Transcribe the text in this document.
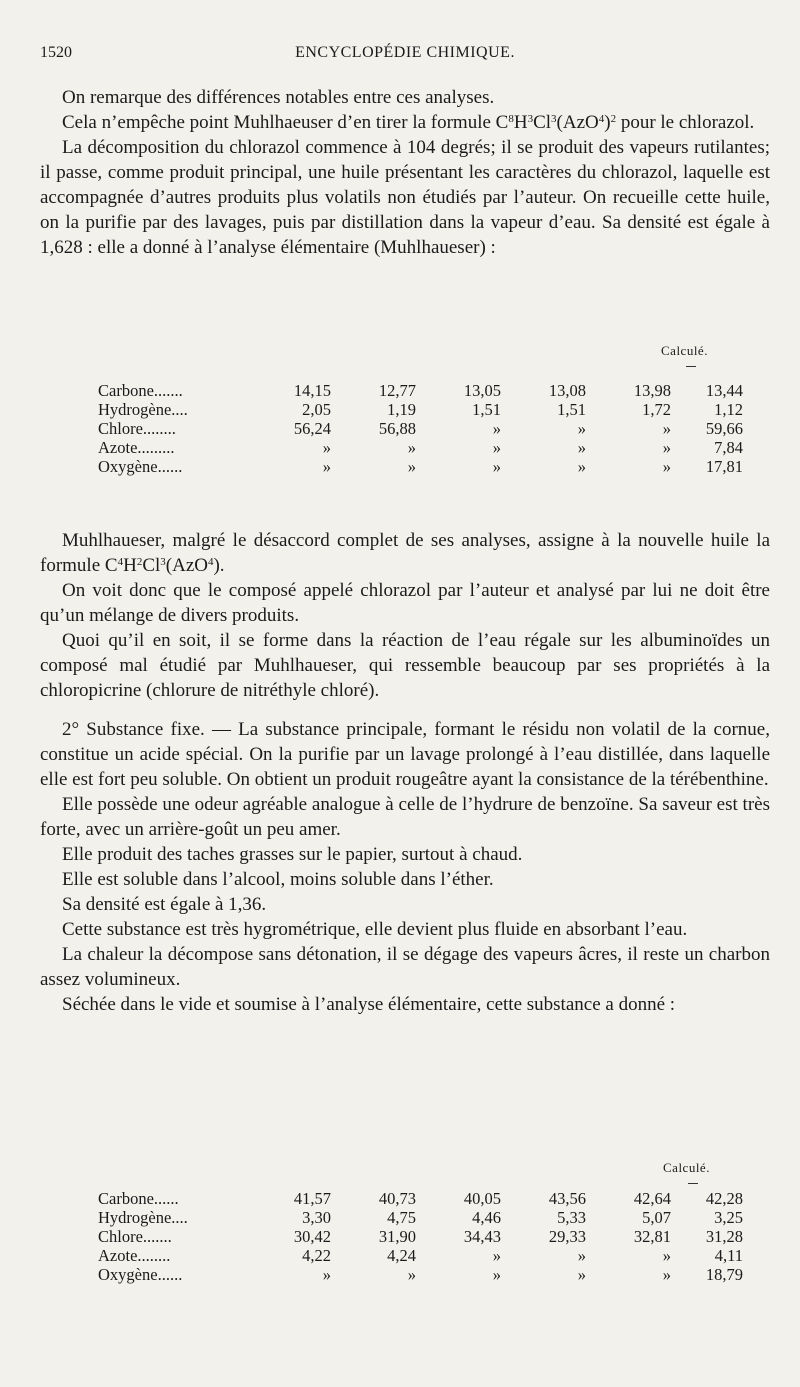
1520	ENCYCLOPÉDIE CHIMIQUE.

On remarque des différences notables entre ces analyses.

Cela n’empêche point Muhlhaeuser d’en tirer la formule $C^8H^3Cl^3(AzO^4)^2$ pour le chlorazol.

La décomposition du chlorazol commence à 104 degrés; il se produit des vapeurs rutilantes; il passe, comme produit principal, une huile présentant les caractères du chlorazol, laquelle est accompagnée d’autres produits plus volatils non étudiés par l’auteur. On recueille cette huile, on la purifie par des lavages, puis par distillation dans la vapeur d’eau. Sa densité est égale à 1,628 : elle a donné à l’analyse élémentaire (Muhlhaueser) :

Calculé.
Carbone.......	14,15	12,77	13,05	13,08	13,98	13,44
Hydrogène....	2,05	1,19	1,51	1,51	1,72	1,12
Chlore........	56,24	56,88	»	»	»	59,66
Azote.........	»	»	»	»	»	7,84
Oxygène......	»	»	»	»	»	17,81

Muhlhaueser, malgré le désaccord complet de ses analyses, assigne à la nouvelle huile la formule $C^4H^2Cl^3(AzO^4)$.

On voit donc que le composé appelé chlorazol par l’auteur et analysé par lui ne doit être qu’un mélange de divers produits.

Quoi qu’il en soit, il se forme dans la réaction de l’eau régale sur les albuminoïdes un composé mal étudié par Muhlhaueser, qui ressemble beaucoup par ses propriétés à la chloropicrine (chlorure de nitréthyle chloré).

2° Substance fixe. — La substance principale, formant le résidu non volatil de la cornue, constitue un acide spécial. On la purifie par un lavage prolongé à l’eau distillée, dans laquelle elle est fort peu soluble. On obtient un produit rougeâtre ayant la consistance de la térébenthine.

Elle possède une odeur agréable analogue à celle de l’hydrure de benzoïne. Sa saveur est très forte, avec un arrière-goût un peu amer.

Elle produit des taches grasses sur le papier, surtout à chaud.

Elle est soluble dans l’alcool, moins soluble dans l’éther.

Sa densité est égale à 1,36.

Cette substance est très hygrométrique, elle devient plus fluide en absorbant l’eau.

La chaleur la décompose sans détonation, il se dégage des vapeurs âcres, il reste un charbon assez volumineux.

Séchée dans le vide et soumise à l’analyse élémentaire, cette substance a donné :

Calculé.
Carbone......	41,57	40,73	40,05	43,56	42,64	42,28
Hydrogène....	3,30	4,75	4,46	5,33	5,07	3,25
Chlore.......	30,42	31,90	34,43	29,33	32,81	31,28
Azote........	4,22	4,24	»	»	»	4,11
Oxygène......	»	»	»	»	»	18,79
